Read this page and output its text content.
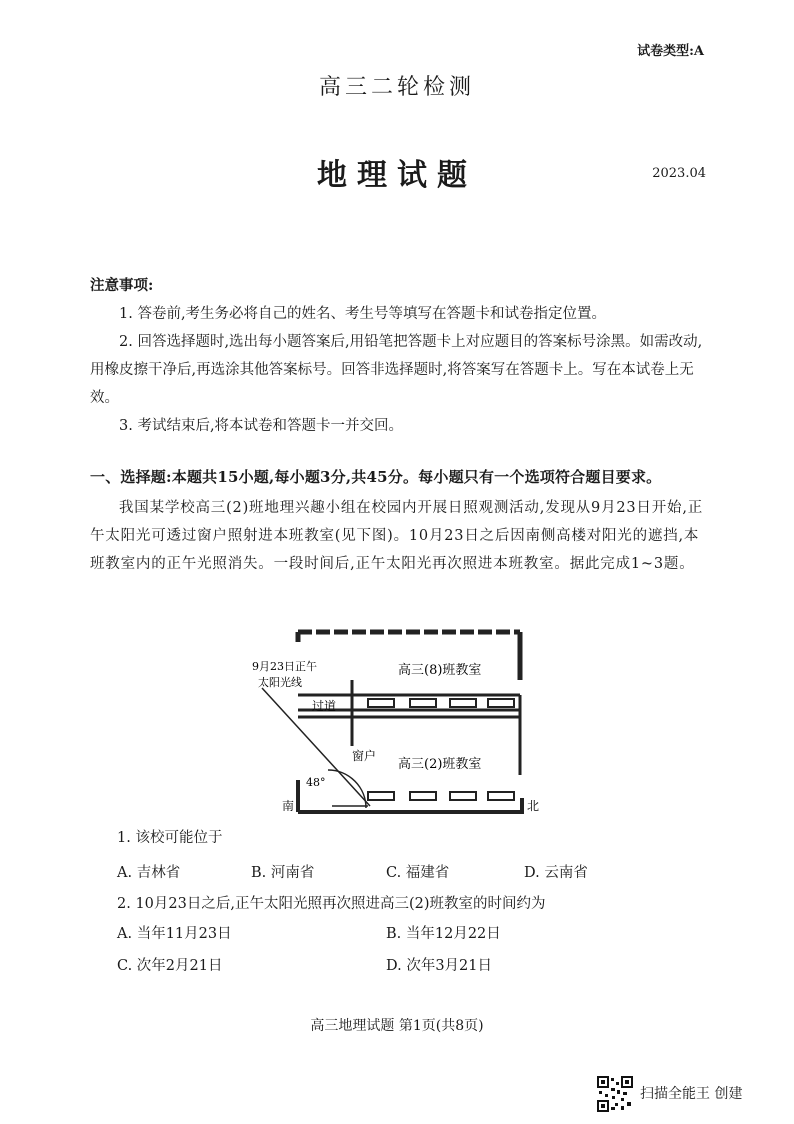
试卷类型:A
高三二轮检测
地理试题	2023.04
注意事项:

1. 答卷前,考生务必将自己的姓名、考生号等填写在答题卡和试卷指定位置。

2. 回答选择题时,选出每小题答案后,用铅笔把答题卡上对应题目的答案标号涂黑。如需改动,用橡皮擦干净后,再选涂其他答案标号。回答非选择题时,将答案写在答题卡上。写在本试卷上无效。

3. 考试结束后,将本试卷和答题卡一并交回。

一、选择题:本题共15小题,每小题3分,共45分。每小题只有一个选项符合题目要求。
我国某学校高三(2)班地理兴趣小组在校园内开展日照观测活动,发现从9月23日开始,正午太阳光可透过窗户照射进本班教室(见下图)。10月23日之后因南侧高楼对阳光的遮挡,本班教室内的正午光照消失。一段时间后,正午太阳光再次照进本班教室。据此完成1~3题。
9月23日正午
太阳光线
过道
高三(8)班教室
高三(2)班教室
窗户
48°
南	北
1. 该校可能位于
A. 吉林省	B. 河南省	C. 福建省	D. 云南省
2. 10月23日之后,正午太阳光照再次照进高三(2)班教室的时间约为
A. 当年11月23日	B. 当年12月22日
C. 次年2月21日	D. 次年3月21日
高三地理试题 第1页(共8页)
扫描全能王 创建
